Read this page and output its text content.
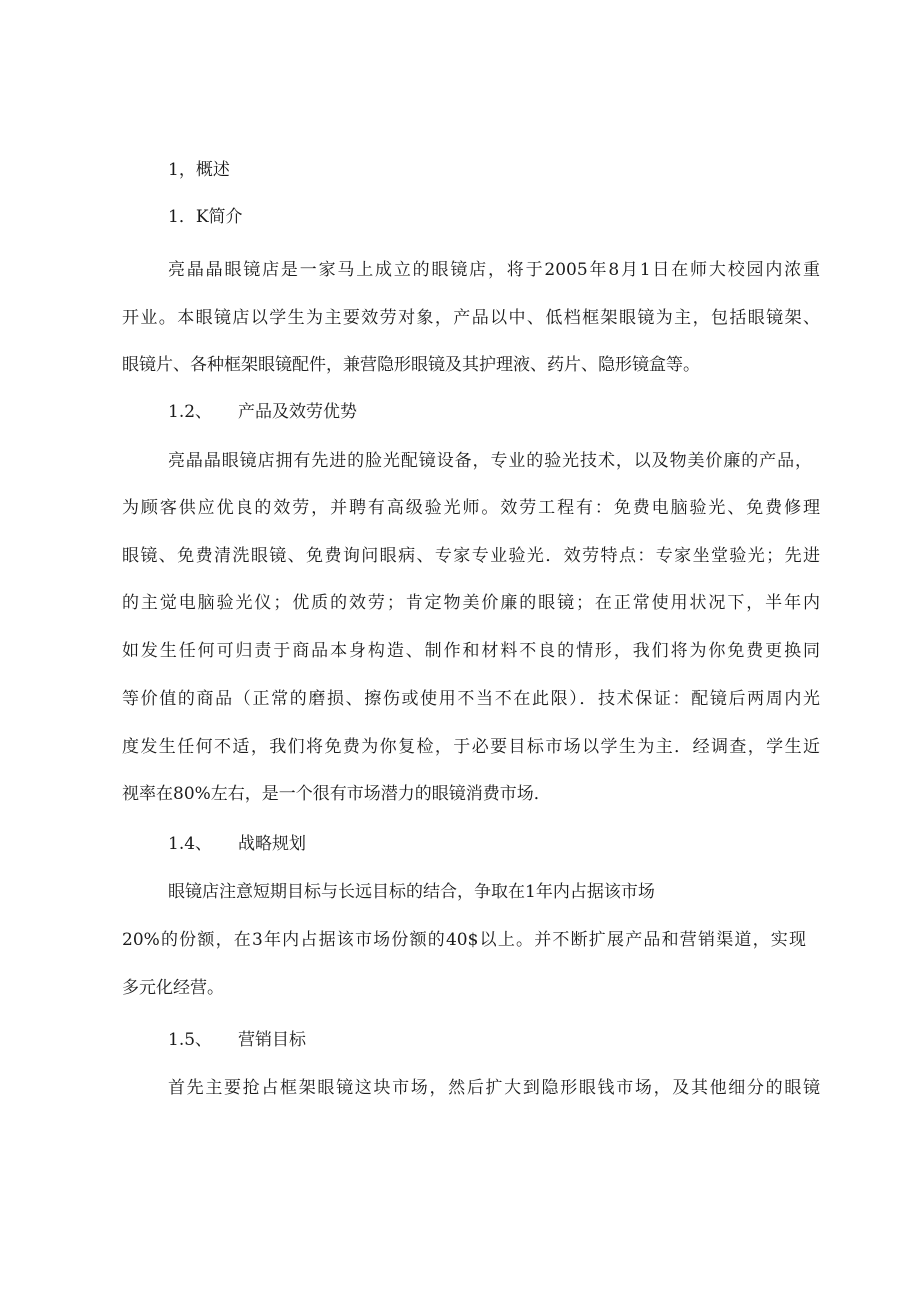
1，概述
1．K简介
亮晶晶眼镜店是一家马上成立的眼镜店，将于2005年8月1日在师大校园内浓重
开业。本眼镜店以学生为主要效劳对象，产品以中、低档框架眼镜为主，包括眼镜架、
眼镜片、各种框架眼镜配件，兼营隐形眼镜及其护理液、药片、隐形镜盒等。
1.2、 产品及效劳优势
亮晶晶眼镜店拥有先进的脸光配镜设备，专业的验光技术，以及物美价廉的产品，
为顾客供应优良的效劳，并聘有高级验光师。效劳工程有：免费电脑验光、免费修理
眼镜、免费清洗眼镜、免费询问眼病、专家专业验光．效劳特点：专家坐堂验光；先进
的主觉电脑验光仪；优质的效劳；肯定物美价廉的眼镜；在正常使用状况下，半年内
如发生任何可归责于商品本身构造、制作和材料不良的情形，我们将为你免费更换同
等价值的商品（正常的磨损、擦伤或使用不当不在此限）．技术保证：配镜后两周内光
度发生任何不适，我们将免费为你复检，于必要目标市场以学生为主．经调查，学生近
视率在80%左右，是一个很有市场潜力的眼镜消费市场．
1.4、 战略规划
眼镜店注意短期目标与长远目标的结合，争取在1年内占据该市场
20%的份额，在3年内占据该市场份额的40$以上。并不断扩展产品和营销渠道，实现
多元化经营。
1.5、 营销目标
首先主要抢占框架眼镜这块市场，然后扩大到隐形眼钱市场，及其他细分的眼镜
